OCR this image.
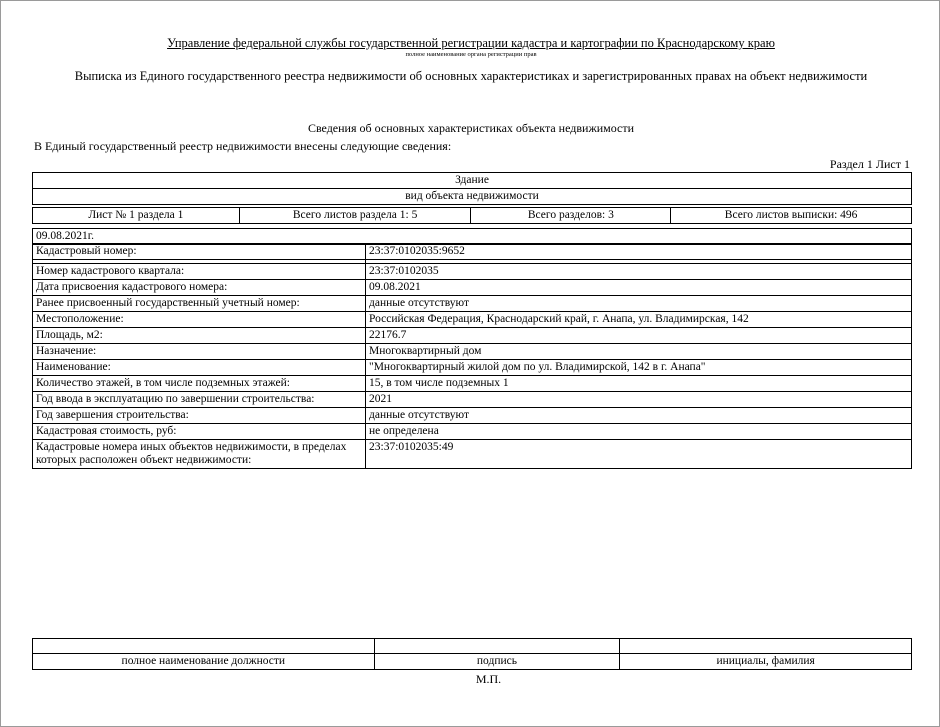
Управление федеральной службы государственной регистрации кадастра и картографии по Краснодарскому краю
полное наименование органа регистрации прав
Выписка из Единого государственного реестра недвижимости об основных характеристиках и зарегистрированных правах на объект недвижимости
Сведения об основных характеристиках объекта недвижимости
В Единый государственный реестр недвижимости внесены следующие сведения:
Раздел 1 Лист 1
Здание
вид объекта недвижимости
Лист № 1 раздела 1	Всего листов раздела 1: 5	Всего разделов: 3	Всего листов выписки: 496
09.08.2021г.
Кадастровый номер:	23:37:0102035:9652

Номер кадастрового квартала:	23:37:0102035
Дата присвоения кадастрового номера:	09.08.2021
Ранее присвоенный государственный учетный номер:	данные отсутствуют
Местоположение:	Российская Федерация, Краснодарский край, г. Анапа, ул. Владимирская, 142
Площадь, м2:	22176.7
Назначение:	Многоквартирный дом
Наименование:	"Многоквартирный жилой дом по ул. Владимирской, 142 в г. Анапа"
Количество этажей, в том числе подземных этажей:	15, в том числе подземных 1
Год ввода в эксплуатацию по завершении строительства:	2021
Год завершения строительства:	данные отсутствуют
Кадастровая стоимость, руб:	не определена
Кадастровые номера иных объектов недвижимости, в пределах которых расположен объект недвижимости:	23:37:0102035:49

полное наименование должности	подпись	инициалы, фамилия
М.П.
